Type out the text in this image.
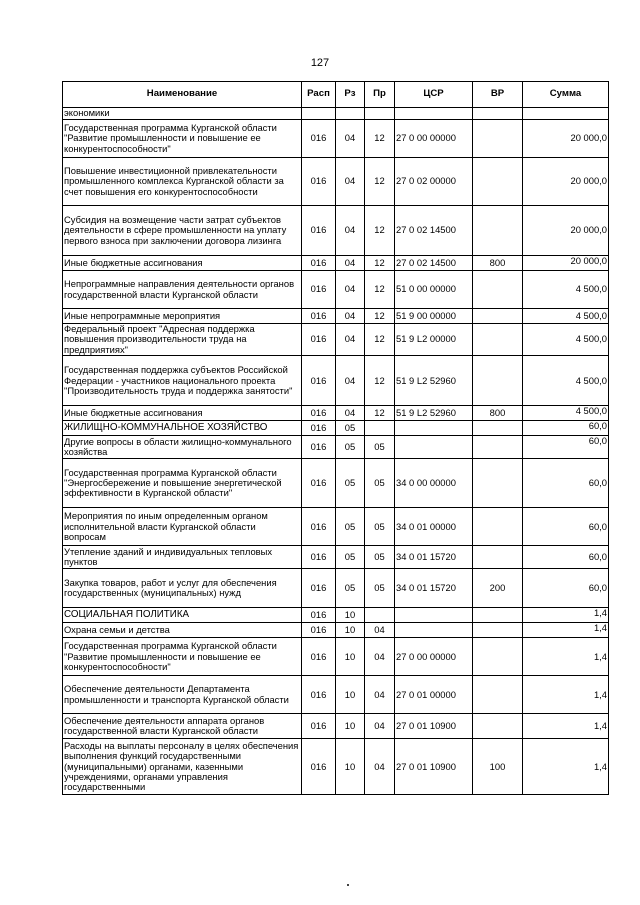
127
Наименование	Расп	Рз	Пр	ЦСР	ВР	Сумма
экономики						
Государственная программа Курганской области "Развитие промышленности и повышение ее конкурентоспособности"	016	04	12	27 0 00 00000		20 000,0
Повышение инвестиционной привлекательности промышленного комплекса Курганской области за счет повышения его конкурентоспособности	016	04	12	27 0 02 00000		20 000,0
Субсидия на возмещение части затрат субъектов деятельности в сфере промышленности на уплату первого взноса при заключении договора лизинга	016	04	12	27 0 02 14500		20 000,0
Иные бюджетные ассигнования	016	04	12	27 0 02 14500	800	20 000,0
Непрограммные направления деятельности органов государственной власти Курганской области	016	04	12	51 0 00 00000		4 500,0
Иные непрограммные мероприятия	016	04	12	51 9 00 00000		4 500,0
Федеральный проект "Адресная поддержка повышения производительности труда на предприятиях"	016	04	12	51 9 L2 00000		4 500,0
Государственная поддержка субъектов Российской Федерации - участников национального проекта "Производительность труда и поддержка занятости"	016	04	12	51 9 L2 52960		4 500,0
Иные бюджетные ассигнования	016	04	12	51 9 L2 52960	800	4 500,0
ЖИЛИЩНО-КОММУНАЛЬНОЕ ХОЗЯЙСТВО	016	05				60,0
Другие вопросы в области жилищно-коммунального хозяйства	016	05	05			60,0
Государственная программа Курганской области "Энергосбережение и повышение энергетической эффективности в Курганской области"	016	05	05	34 0 00 00000		60,0
Мероприятия по иным определенным органом исполнительной власти Курганской области вопросам	016	05	05	34 0 01 00000		60,0
Утепление зданий и индивидуальных тепловых пунктов	016	05	05	34 0 01 15720		60,0
Закупка товаров, работ и услуг для обеспечения государственных (муниципальных) нужд	016	05	05	34 0 01 15720	200	60,0
СОЦИАЛЬНАЯ ПОЛИТИКА	016	10				1,4
Охрана семьи и детства	016	10	04			1,4
Государственная программа Курганской области "Развитие промышленности и повышение ее конкурентоспособности"	016	10	04	27 0 00 00000		1,4
Обеспечение деятельности Департамента промышленности и транспорта Курганской области	016	10	04	27 0 01 00000		1,4
Обеспечение деятельности аппарата органов государственной власти Курганской области	016	10	04	27 0 01 10900		1,4
Расходы на выплаты персоналу в целях обеспечения выполнения функций государственными (муниципальными) органами, казенными учреждениями, органами управления государственными	016	10	04	27 0 01 10900	100	1,4
